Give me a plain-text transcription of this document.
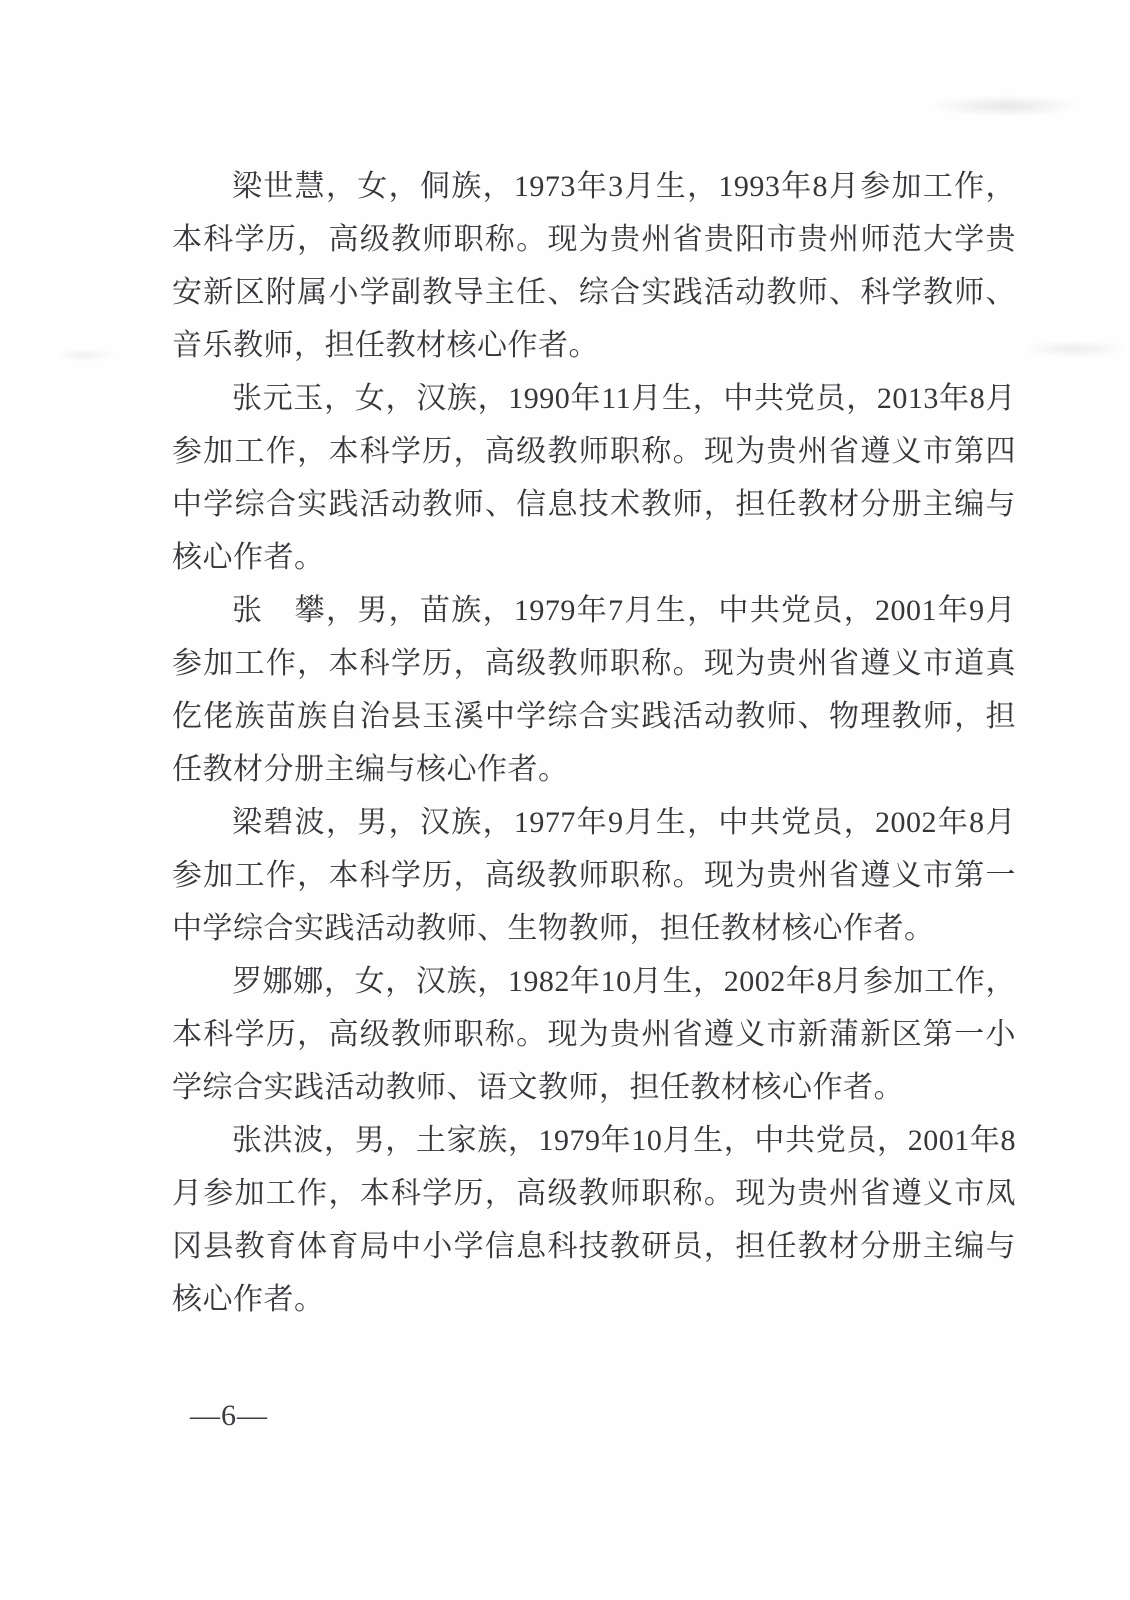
梁世慧，女，侗族，1973年3月生，1993年8月参加工作，本科学历，高级教师职称。现为贵州省贵阳市贵州师范大学贵安新区附属小学副教导主任、综合实践活动教师、科学教师、音乐教师，担任教材核心作者。

张元玉，女，汉族，1990年11月生，中共党员，2013年8月参加工作，本科学历，高级教师职称。现为贵州省遵义市第四中学综合实践活动教师、信息技术教师，担任教材分册主编与核心作者。

张　攀，男，苗族，1979年7月生，中共党员，2001年9月参加工作，本科学历，高级教师职称。现为贵州省遵义市道真仡佬族苗族自治县玉溪中学综合实践活动教师、物理教师，担任教材分册主编与核心作者。

梁碧波，男，汉族，1977年9月生，中共党员，2002年8月参加工作，本科学历，高级教师职称。现为贵州省遵义市第一中学综合实践活动教师、生物教师，担任教材核心作者。

罗娜娜，女，汉族，1982年10月生，2002年8月参加工作，本科学历，高级教师职称。现为贵州省遵义市新蒲新区第一小学综合实践活动教师、语文教师，担任教材核心作者。

张洪波，男，土家族，1979年10月生，中共党员，2001年8月参加工作，本科学历，高级教师职称。现为贵州省遵义市凤冈县教育体育局中小学信息科技教研员，担任教材分册主编与核心作者。

—6—
